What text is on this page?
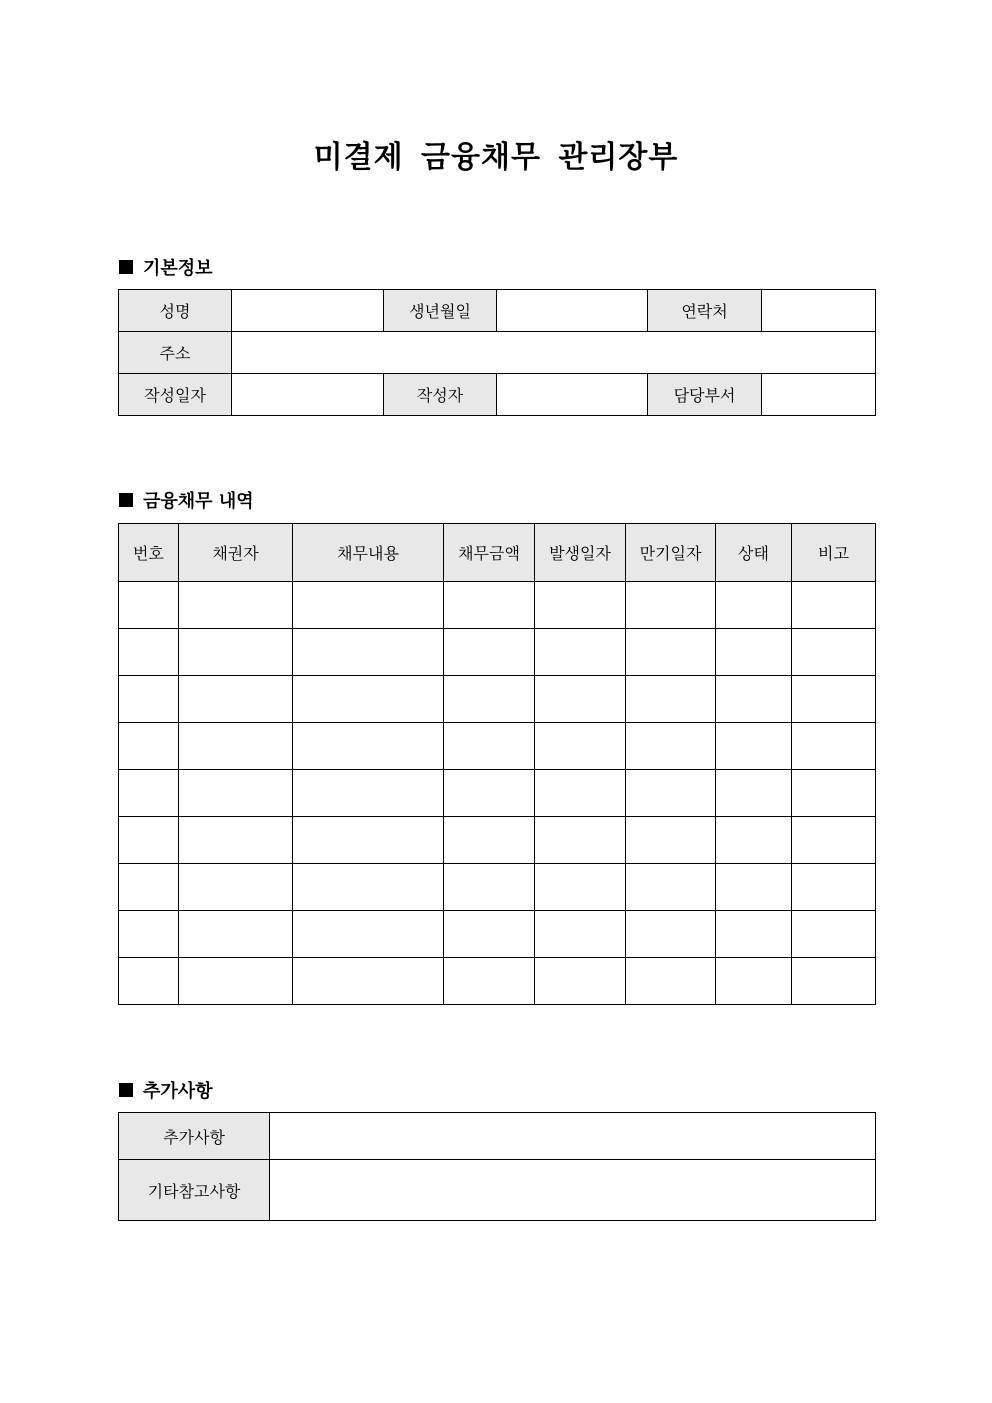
미결제 금융채무 관리장부
기본정보
성명		생년월일		연락처	
주소					
작성일자		작성자		담당부서	
금융채무 내역
번호	채권자	채무내용	채무금액	발생일자	만기일자	상태	비고

추가사항
추가사항	
기타참고사항	
